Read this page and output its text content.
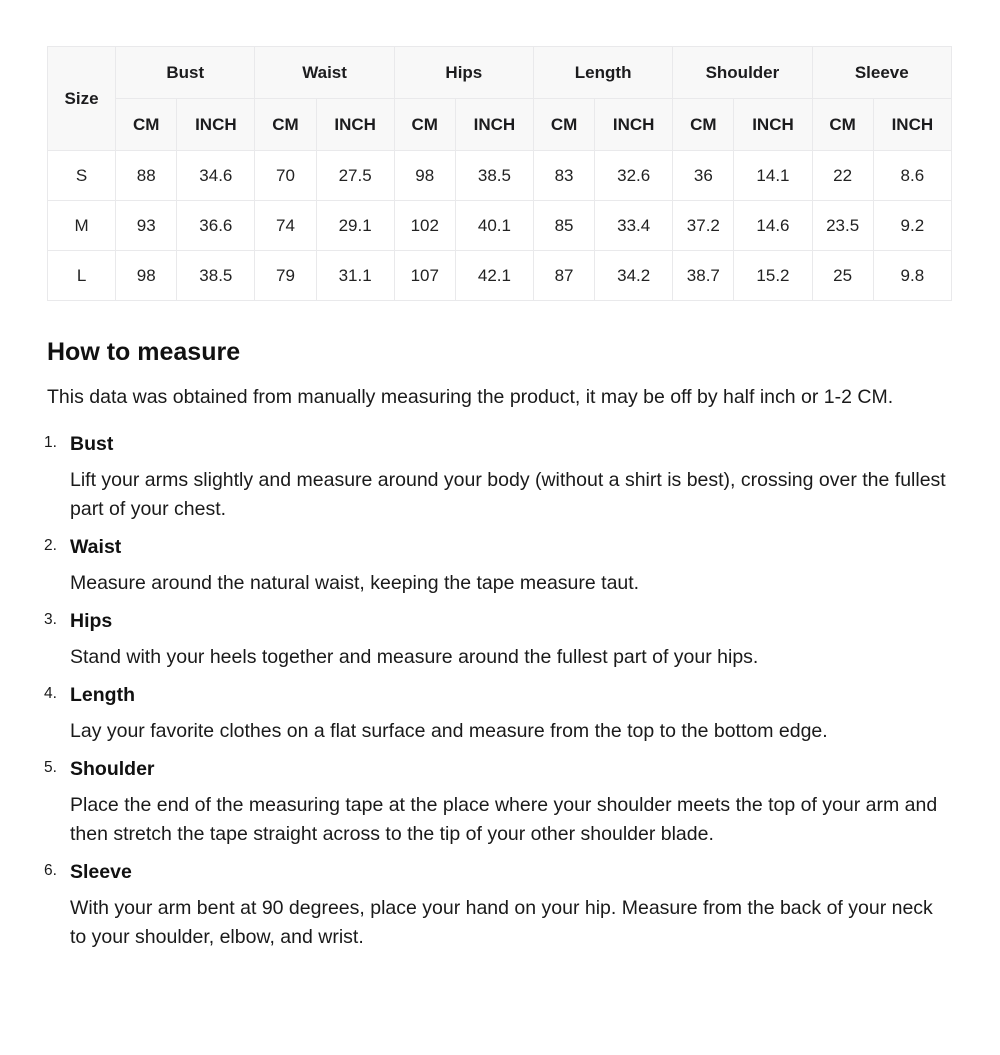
Size	Bust		Waist		Hips		Length		Shoulder		Sleeve	
	CM	INCH	CM	INCH	CM	INCH	CM	INCH	CM	INCH	CM	INCH
S	88	34.6	70	27.5	98	38.5	83	32.6	36	14.1	22	8.6
M	93	36.6	74	29.1	102	40.1	85	33.4	37.2	14.6	23.5	9.2
L	98	38.5	79	31.1	107	42.1	87	34.2	38.7	15.2	25	9.8
How to measure

This data was obtained from manually measuring the product, it may be off by half inch or 1-2 CM.

1. Bust
Lift your arms slightly and measure around your body (without a shirt is best), crossing over the fullest part of your chest.
2. Waist
Measure around the natural waist, keeping the tape measure taut.
3. Hips
Stand with your heels together and measure around the fullest part of your hips.
4. Length
Lay your favorite clothes on a flat surface and measure from the top to the bottom edge.
5. Shoulder
Place the end of the measuring tape at the place where your shoulder meets the top of your arm and then stretch the tape straight across to the tip of your other shoulder blade.
6. Sleeve
With your arm bent at 90 degrees, place your hand on your hip. Measure from the back of your neck to your shoulder, elbow, and wrist.
